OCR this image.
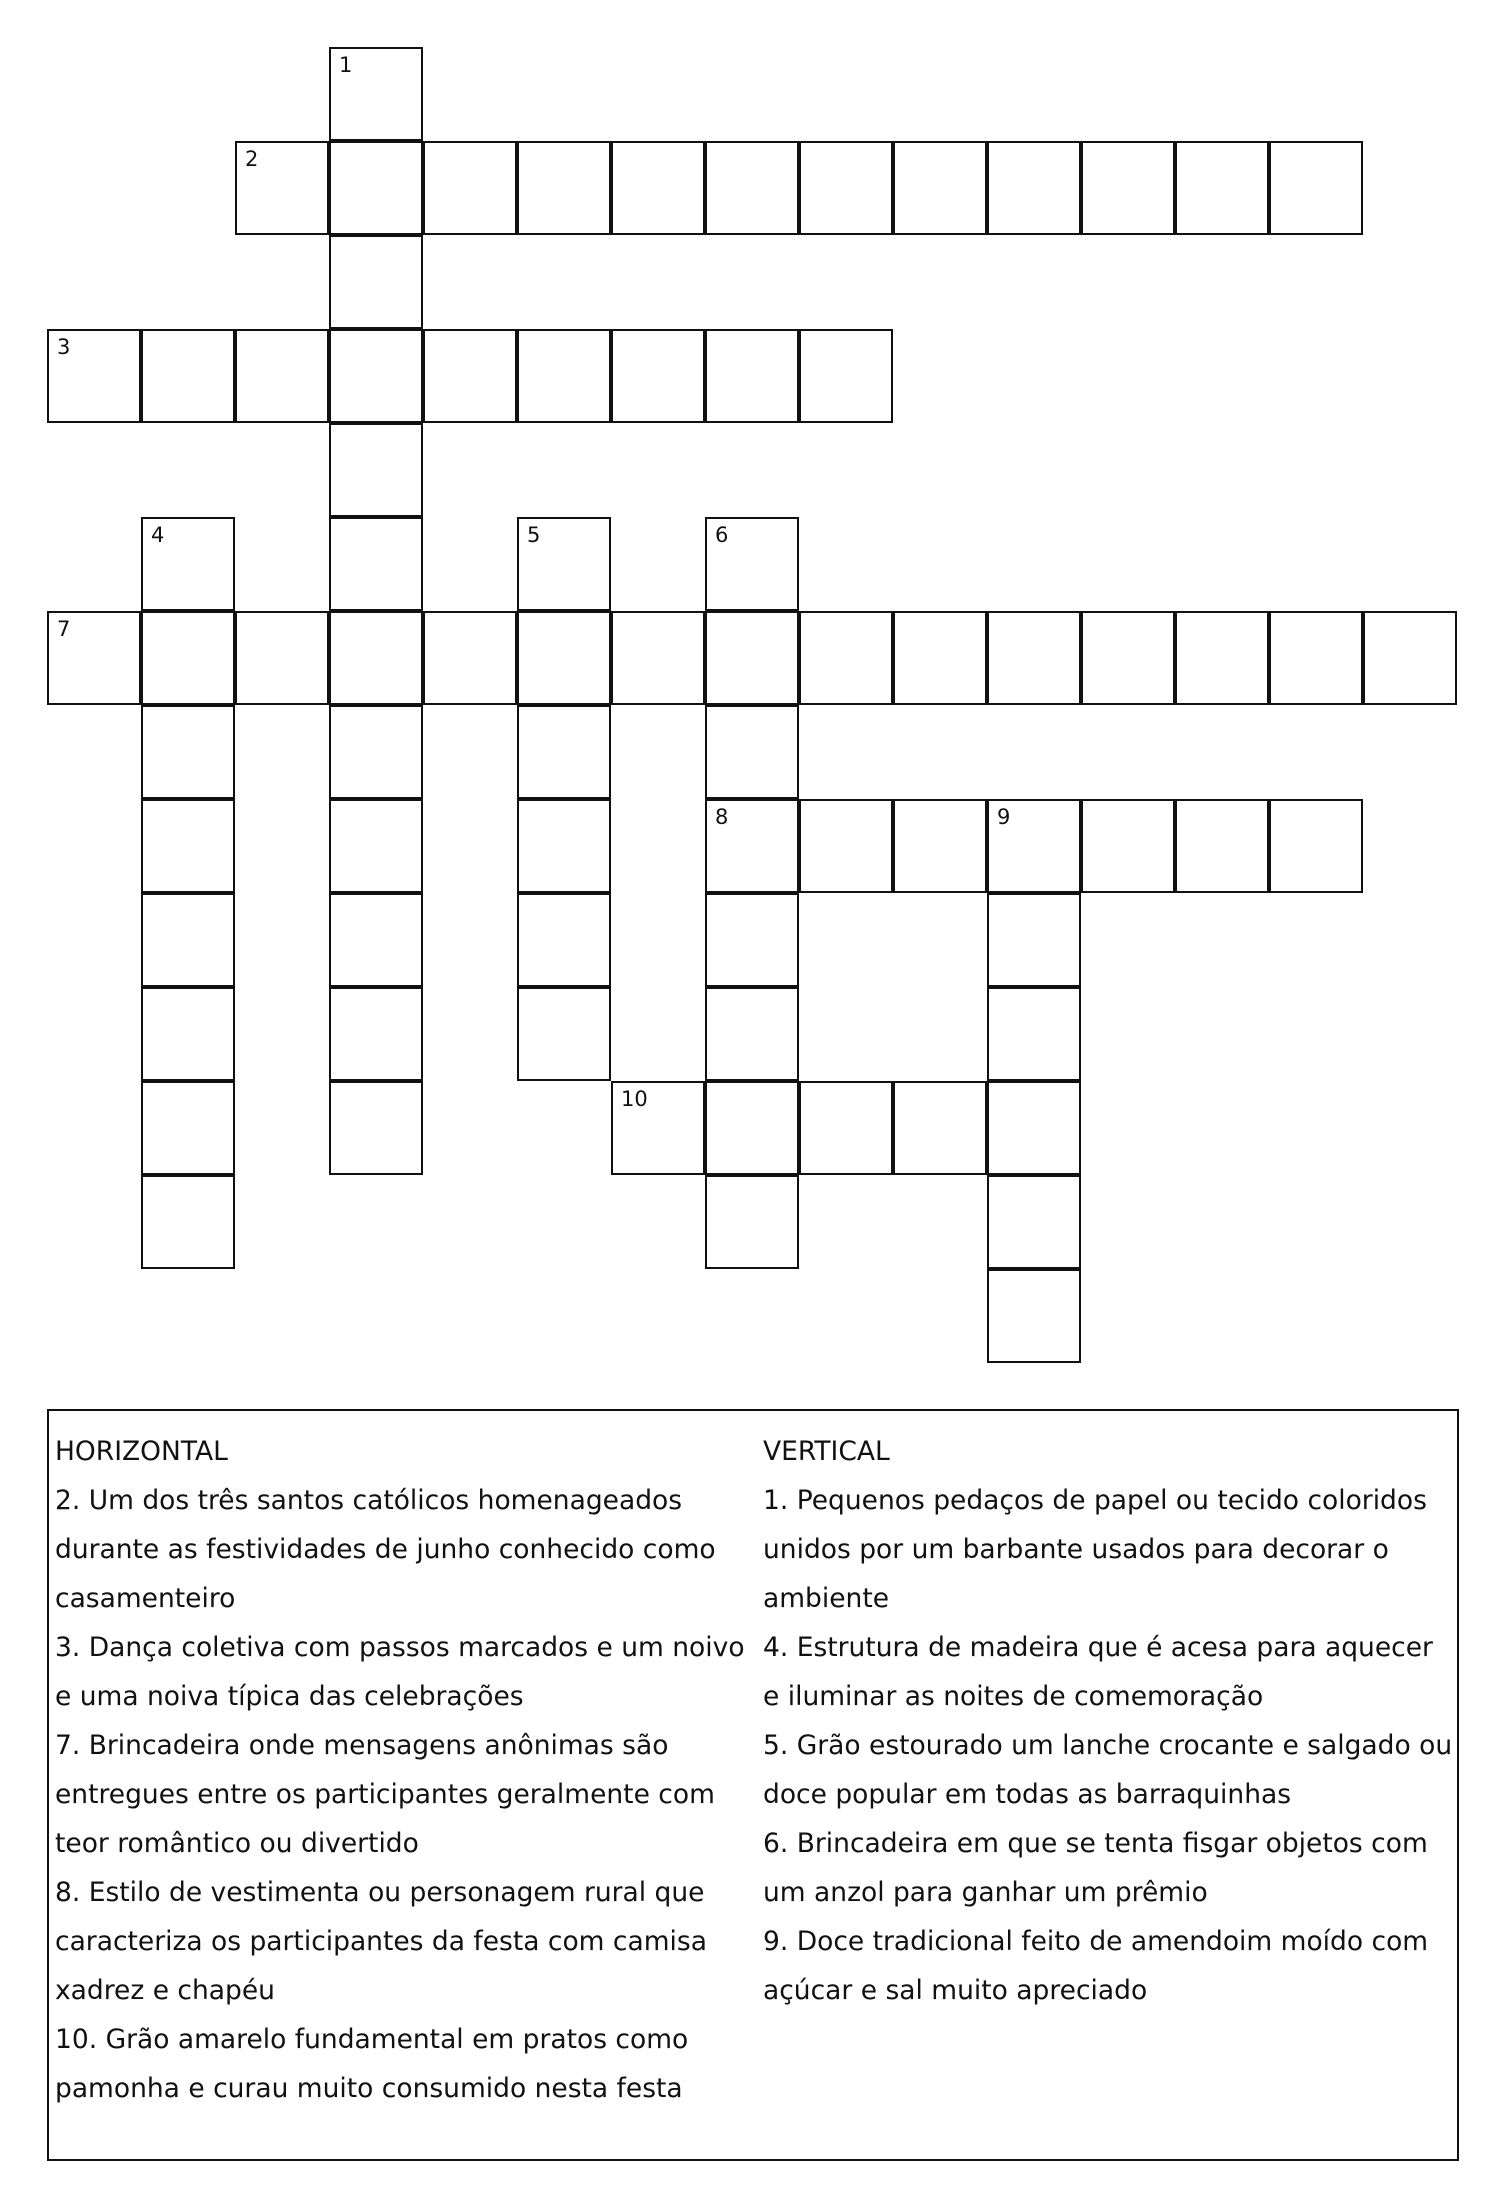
1
2
3
4	5	6
8
7
9
10
HORIZONTAL
2. Um dos três santos católicos homenageados durante as festividades de junho conhecido como casamenteiro
3. Dança coletiva com passos marcados e um noivo e uma noiva típica das celebrações
7. Brincadeira onde mensagens anônimas são entregues entre os participantes geralmente com teor romântico ou divertido
8. Estilo de vestimenta ou personagem rural que caracteriza os participantes da festa com camisa xadrez e chapéu
10. Grão amarelo fundamental em pratos como pamonha e curau muito consumido nesta festa
VERTICAL
1. Pequenos pedaços de papel ou tecido coloridos unidos por um barbante usados para decorar o ambiente
4. Estrutura de madeira que é acesa para aquecer e iluminar as noites de comemoração
5. Grão estourado um lanche crocante e salgado ou doce popular em todas as barraquinhas
6. Brincadeira em que se tenta fisgar objetos com um anzol para ganhar um prêmio
9. Doce tradicional feito de amendoim moído com açúcar e sal muito apreciado
